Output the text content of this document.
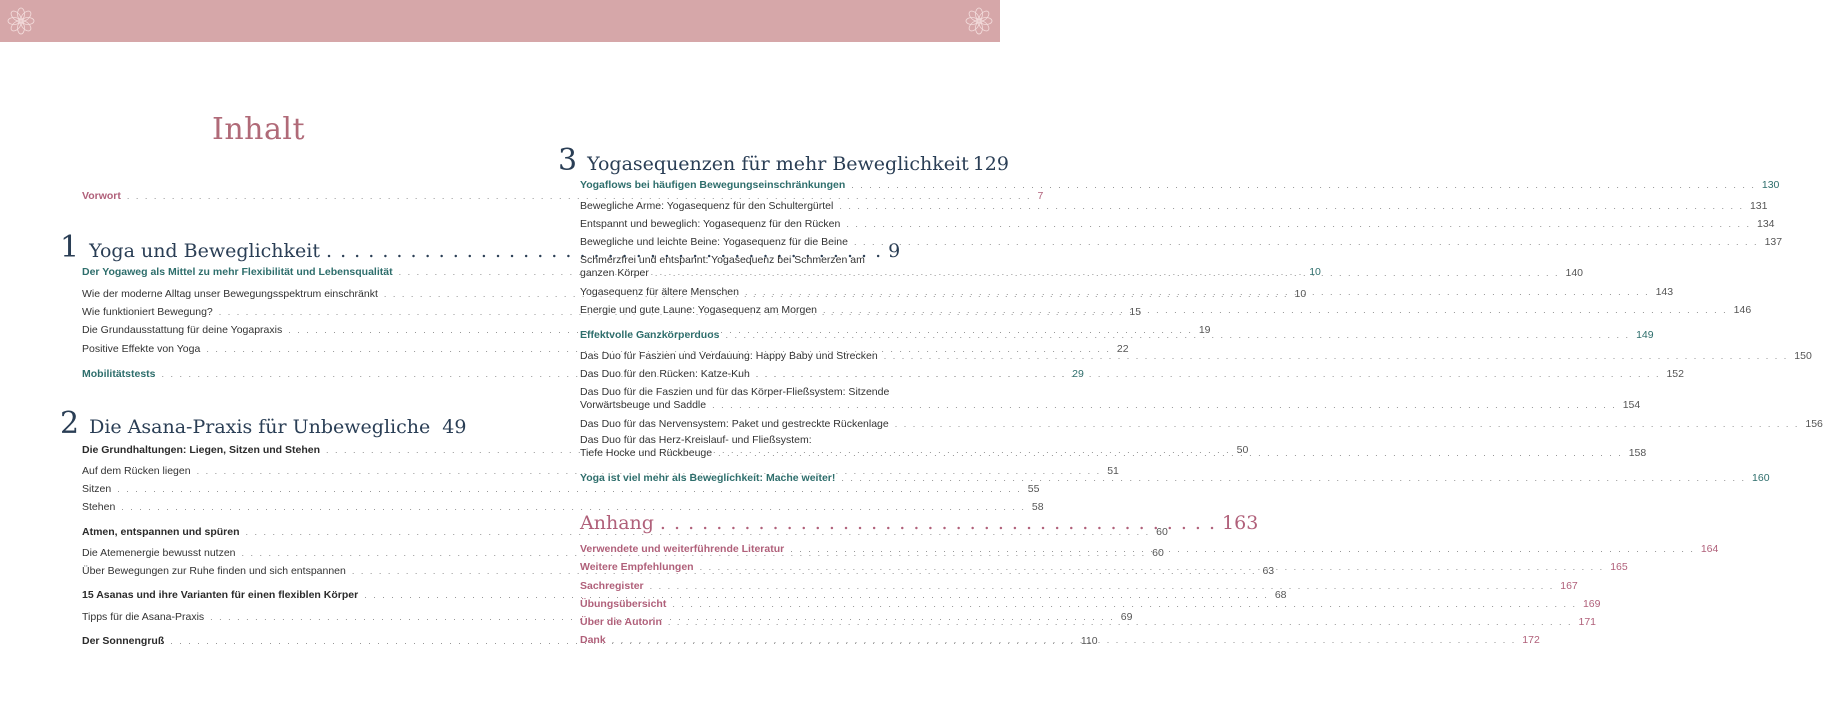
Inhalt
Vorwort . . .	7
1 Yoga und Beweglichkeit . . .	9
Der Yogaweg als Mittel zu mehr Flexibilität und Lebensqualität . . .	10
Wie der moderne Alltag unser Bewegungsspektrum einschränkt . . .	10
Wie funktioniert Bewegung? . . .	15
Die Grundausstattung für deine Yogapraxis . . .	19
Positive Effekte von Yoga . . .	22
Mobilitätstests . . .	29
2 Die Asana-Praxis für Unbewegliche 49
Die Grundhaltungen: Liegen, Sitzen und Stehen . . .	50
Auf dem Rücken liegen . . .	51
Sitzen . . .	55
Stehen . . .	58
Atmen, entspannen und spüren . . .	60
Die Atemenergie bewusst nutzen . . .	60
Über Bewegungen zur Ruhe finden und sich entspannen . . .	63
15 Asanas und ihre Varianten für einen flexiblen Körper . . .	68
Tipps für die Asana-Praxis . . .	69
Der Sonnengruß . . .	110
3 Yogasequenzen für mehr Beweglichkeit 129
Yogaflows bei häufigen Bewegungseinschränkungen . . .	130
Bewegliche Arme: Yogasequenz für den Schultergürtel . . .	131
Entspannt und beweglich: Yogasequenz für den Rücken . . .	134
Bewegliche und leichte Beine: Yogasequenz für die Beine . . .	137
Schmerzfrei und entspannt: Yogasequenz bei Schmerzen am
ganzen Körper . . .	140
Yogasequenz für ältere Menschen . . .	143
Energie und gute Laune: Yogasequenz am Morgen . . .	146
Effektvolle Ganzkörperduos . . .	149
Das Duo für Faszien und Verdauung: Happy Baby und Strecken . . .	150
Das Duo für den Rücken: Katze-Kuh . . .	152
Das Duo für die Faszien und für das Körper-Fließsystem: Sitzende
Vorwärtsbeuge und Saddle . . .	154
Das Duo für das Nervensystem: Paket und gestreckte Rückenlage . . .	156
Das Duo für das Herz-Kreislauf- und Fließsystem:
Tiefe Hocke und Rückbeuge . . .	158
Yoga ist viel mehr als Beweglichkeit: Mache weiter! . . .	160
Anhang . . .	163
Verwendete und weiterführende Literatur . . .	164
Weitere Empfehlungen . . .	165
Sachregister . . .	167
Übungsübersicht . . .	169
Über die Autorin . . .	171
Dank . . .	172
